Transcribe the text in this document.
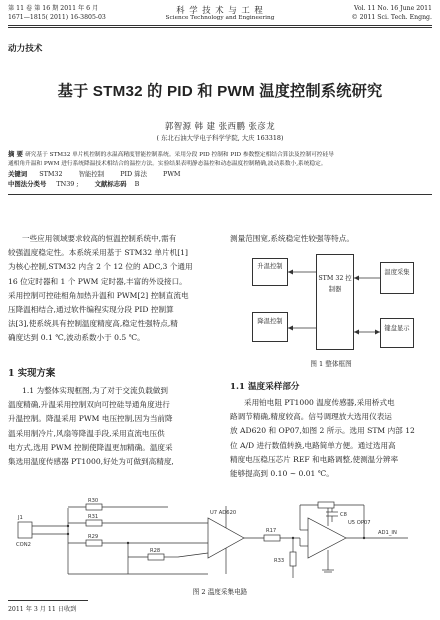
第 11 卷 第 16 期 2011 年 6 月
1671—1815( 2011) 16-3805-03
科 学 技 术 与 工 程
Science Technology and Engineering
Vol. 11 No. 16 June 2011
© 2011 Sci. Tech. Engng.
动力技术
基于 STM32 的 PID 和 PWM 温度控制系统研究
郭智源 韩 建 张西鹏 张彦龙
( 东北石油大学电子科学学院, 大庆 163318)
摘 要 研究基于 STM32 单片机控制的水温高精度智能控制系统。采用分段 PID 控制和 PID 参数整定相结合算法及控制可控硅导
通相角升温和 PWM 进行系统降温技术相结合的温控方法。实验结果表明静态温控和动态温度控制精确,波动系数小,系统稳定。
关键词 STM32	智能控制	PID 算法	PWM
中图法分类号 TN39 ;	文献标志码 B
一些应用领域要求较高的恒温控制系统中,需有
较强温度稳定性。本系统采用基于 STM32 单片机[1]
为核心控制,STM32 内含 2 个 12 位的 ADC,3 个通用
16 位定时器和 1 个 PWM 定时器,丰富的外设接口。
采用控制可控硅相角加热升温和 PWM[2] 控制直流电
压降温相结合,通过软件编程实现分段 PID 控制算
法[3],使系统具有控制温度精度高,稳定性强特点,精
确度达到 0.1 ℃,波动系数小于 0.5 ℃。
1 实现方案
1.1 为整体实现框图,为了对于交流负载做到
温度精确,升温采用控制双向可控硅导通角度进行
升温控制。降温采用 PWM 电压控制,因为当前降
温采用制冷片,风扇等降温手段,采用直流电压供
电方式,选用 PWM 控制使降温更加精确。温度采
集选用温度传感器 PT1000,好处为可做到高精度,
测量范围宽,系统稳定性较强等特点。
升温控制
降温控制
STM 32 控制器
温度采集
键盘显示
图 1 整体框图
1.1 温度采样部分
采用铂电阻 PT1000 温度传感器,采用桥式电
路调节精确,精度较高。信号调理放大选用仪表运
放 AD620 和 OP07,如图 2 所示。选用 STM 内部 12
位 A/D 进行数值转换,电路简单方便。通过选用高
精度电压稳压芯片 REF 和电路调整,使测温分辨率
能够提高到 0.10 ~ 0.01 ℃。
J1
CON2
R30
R31
R29
R28
U7 AD620
R17
R33
C8
U5 OP07
AD1_IN
图 2 温度采集电路
2011 年 3 月 11 日收到
